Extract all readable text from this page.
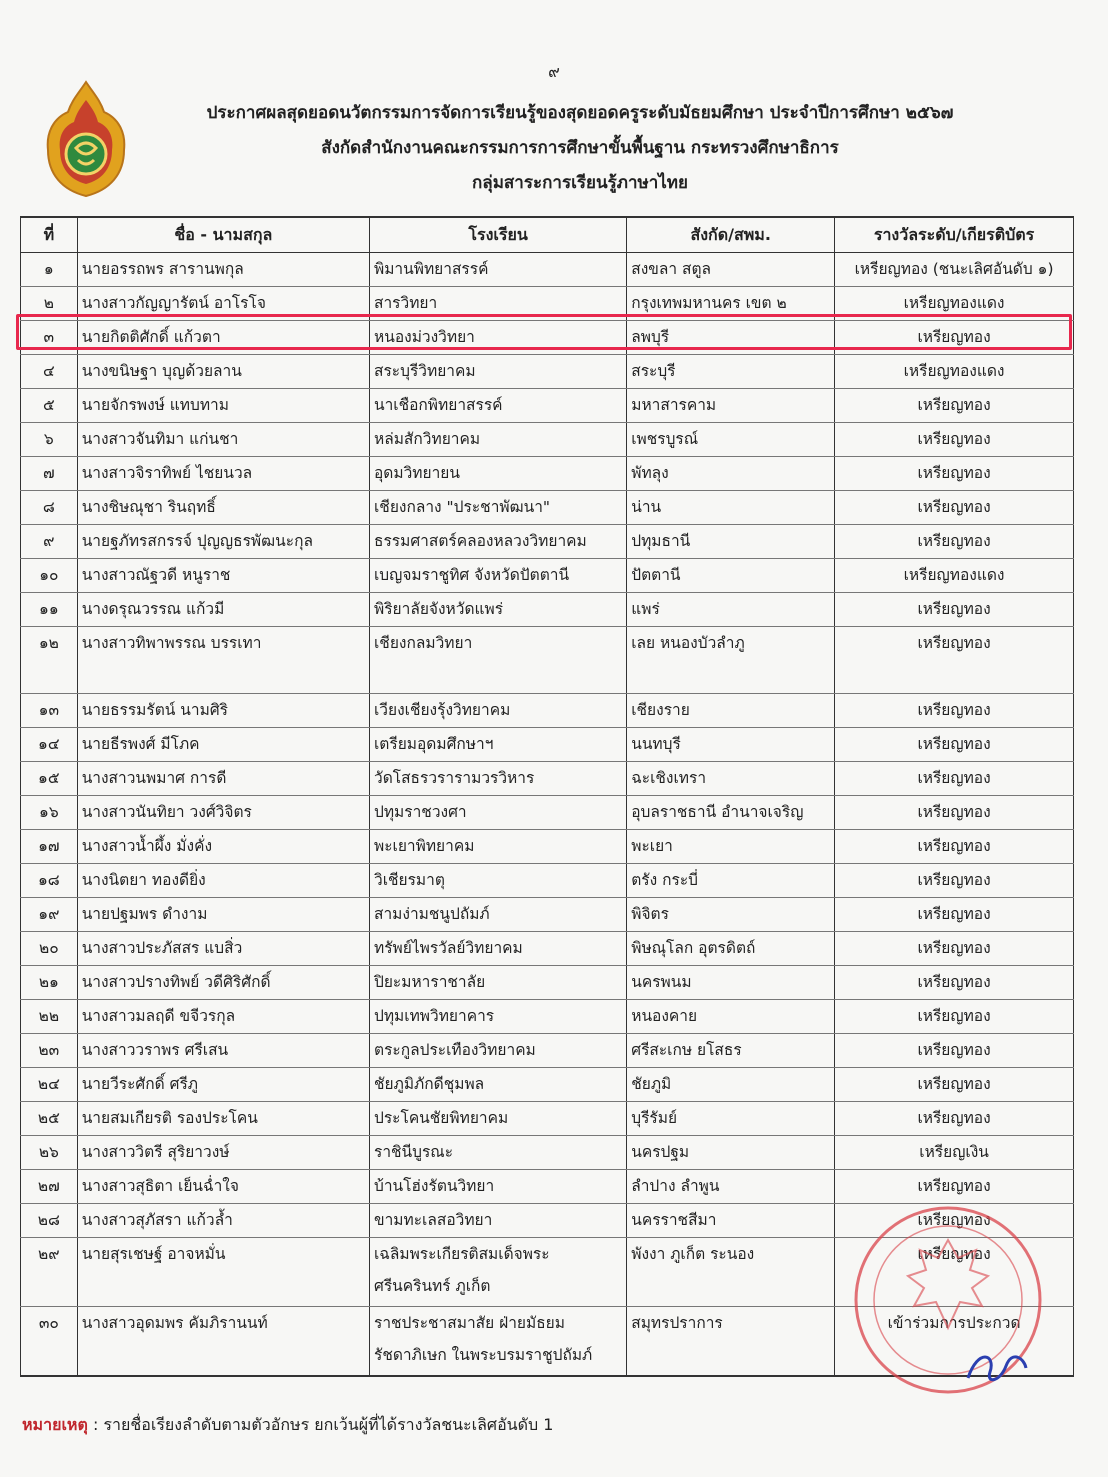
๙
ประกาศผลสุดยอดนวัตกรรมการจัดการเรียนรู้ของสุดยอดครูระดับมัธยมศึกษา ประจำปีการศึกษา ๒๕๖๗
สังกัดสำนักงานคณะกรรมการการศึกษาขั้นพื้นฐาน กระทรวงศึกษาธิการ
กลุ่มสาระการเรียนรู้ภาษาไทย
ที่	ชื่อ - นามสกุล	โรงเรียน	สังกัด/สพม.	รางวัลระดับ/เกียรติบัตร
๑	นายอรรถพร สารานพกุล	พิมานพิทยาสรรค์	สงขลา สตูล	เหรียญทอง (ชนะเลิศอันดับ ๑)
๒	นางสาวกัญญารัตน์ อาโรโจ	สารวิทยา	กรุงเทพมหานคร เขต ๒	เหรียญทองแดง
๓	นายกิตติศักดิ์ แก้วตา	หนองม่วงวิทยา	ลพบุรี	เหรียญทอง
๔	นางขนิษฐา บุญด้วยลาน	สระบุรีวิทยาคม	สระบุรี	เหรียญทองแดง
๕	นายจักรพงษ์ แทบทาม	นาเชือกพิทยาสรรค์	มหาสารคาม	เหรียญทอง
๖	นางสาวจันทิมา แก่นชา	หล่มสักวิทยาคม	เพชรบูรณ์	เหรียญทอง
๗	นางสาวจิราทิพย์ ไชยนวล	อุดมวิทยายน	พัทลุง	เหรียญทอง
๘	นางชิษณุชา รินฤทธิ์	เชียงกลาง "ประชาพัฒนา"	น่าน	เหรียญทอง
๙	นายฐภัทรสกรรจ์ ปุญญธรพัฒนะกุล	ธรรมศาสตร์คลองหลวงวิทยาคม	ปทุมธานี	เหรียญทอง
๑๐	นางสาวณัฐวดี หนูราช	เบญจมราชูทิศ จังหวัดปัตตานี	ปัตตานี	เหรียญทองแดง
๑๑	นางดรุณวรรณ แก้วมี	พิริยาลัยจังหวัดแพร่	แพร่	เหรียญทอง
๑๒	นางสาวทิพาพรรณ บรรเทา	เชียงกลมวิทยา	เลย หนองบัวลำภู	เหรียญทอง
๑๓	นายธรรมรัตน์ นามศิริ	เวียงเชียงรุ้งวิทยาคม	เชียงราย	เหรียญทอง
๑๔	นายธีรพงศ์ มีโภค	เตรียมอุดมศึกษาฯ	นนทบุรี	เหรียญทอง
๑๕	นางสาวนพมาศ การดี	วัดโสธรวรารามวรวิหาร	ฉะเชิงเทรา	เหรียญทอง
๑๖	นางสาวนันทิยา วงศ์วิจิตร	ปทุมราชวงศา	อุบลราชธานี อำนาจเจริญ	เหรียญทอง
๑๗	นางสาวน้ำผึ้ง มั่งคั่ง	พะเยาพิทยาคม	พะเยา	เหรียญทอง
๑๘	นางนิตยา ทองดียิ่ง	วิเชียรมาตุ	ตรัง กระบี่	เหรียญทอง
๑๙	นายปฐมพร ดำงาม	สามง่ามชนูปถัมภ์	พิจิตร	เหรียญทอง
๒๐	นางสาวประภัสสร แบสิ่ว	ทรัพย์ไพรวัลย์วิทยาคม	พิษณุโลก อุตรดิตถ์	เหรียญทอง
๒๑	นางสาวปรางทิพย์ วดีศิริศักดิ์	ปิยะมหาราชาลัย	นครพนม	เหรียญทอง
๒๒	นางสาวมลฤดี ขจีวรกุล	ปทุมเทพวิทยาคาร	หนองคาย	เหรียญทอง
๒๓	นางสาววราพร ศรีเสน	ตระกูลประเทืองวิทยาคม	ศรีสะเกษ ยโสธร	เหรียญทอง
๒๔	นายวีระศักดิ์ ศรีภู	ชัยภูมิภักดีชุมพล	ชัยภูมิ	เหรียญทอง
๒๕	นายสมเกียรติ รองประโคน	ประโคนชัยพิทยาคม	บุรีรัมย์	เหรียญทอง
๒๖	นางสาววิตรี สุริยาวงษ์	ราชินีบูรณะ	นครปฐม	เหรียญเงิน
๒๗	นางสาวสุธิตา เย็นฉ่ำใจ	บ้านโฮ่งรัตนวิทยา	ลำปาง ลำพูน	เหรียญทอง
๒๘	นางสาวสุภัสรา แก้วล้ำ	ขามทะเลสอวิทยา	นครราชสีมา	เหรียญทอง
๒๙	นายสุรเชษฐ์ อาจหมั่น	เฉลิมพระเกียรติสมเด็จพระศรีนครินทร์ ภูเก็ต	พังงา ภูเก็ต ระนอง	เหรียญทอง
๓๐	นางสาวอุดมพร คัมภิรานนท์	ราชประชาสมาสัย ฝ่ายมัธยม รัชดาภิเษก ในพระบรมราชูปถัมภ์	สมุทรปราการ	เข้าร่วมการประกวด
หมายเหตุ : รายชื่อเรียงลำดับตามตัวอักษร ยกเว้นผู้ที่ได้รางวัลชนะเลิศอันดับ 1
